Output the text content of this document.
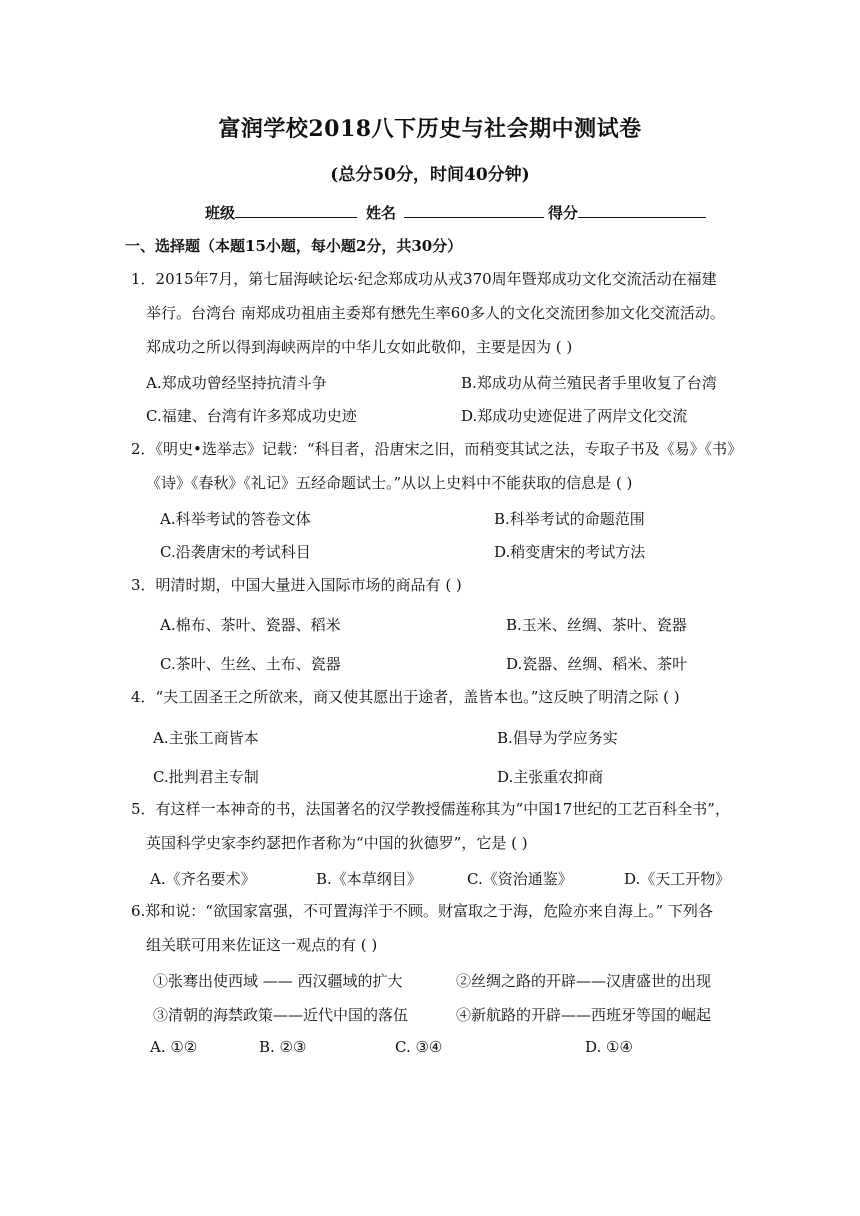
富润学校2018八下历史与社会期中测试卷
(总分50分，时间40分钟)
班级	姓名	得分
一、选择题（本题15小题，每小题2分，共30分）
1．2015年7月，第七届海峡论坛·纪念郑成功从戎370周年暨郑成功文化交流活动在福建
举行。台湾台 南郑成功祖庙主委郑有懋先生率60多人的文化交流团参加文化交流活动。
郑成功之所以得到海峡两岸的中华儿女如此敬仰，主要是因为 ( )
A.郑成功曾经坚持抗清斗争	B.郑成功从荷兰殖民者手里收复了台湾
C.福建、台湾有许多郑成功史迹	D.郑成功史迹促进了两岸文化交流
2．《明史•选举志》记载：“科目者，沿唐宋之旧，而稍变其试之法，专取子书及《易》《书》
《诗》《春秋》《礼记》五经命题试士。”从以上史料中不能获取的信息是 ( )
A.科举考试的答卷文体	B.科举考试的命题范围
C.沿袭唐宋的考试科目	D.稍变唐宋的考试方法
3．明清时期，中国大量进入国际市场的商品有 ( )
A.棉布、茶叶、瓷器、稻米	B.玉米、丝绸、茶叶、瓷器
C.茶叶、生丝、土布、瓷器	D.瓷器、丝绸、稻米、茶叶
4．“夫工固圣王之所欲来，商又使其愿出于途者，盖皆本也。”这反映了明清之际 ( )
A.主张工商皆本	B.倡导为学应务实
C.批判君主专制	D.主张重农抑商
5．有这样一本神奇的书，法国著名的汉学教授儒莲称其为“中国17世纪的工艺百科全书”，
英国科学史家李约瑟把作者称为“中国的狄德罗”，它是 ( )
A.《齐名要术》	B.《本草纲目》	C.《资治通鉴》	D.《天工开物》
6.郑和说：“欲国家富强，不可置海洋于不顾。财富取之于海，危险亦来自海上。” 下列各
组关联可用来佐证这一观点的有 ( )
①张骞出使西域 —— 西汉疆域的扩大	②丝绸之路的开辟——汉唐盛世的出现
③清朝的海禁政策——近代中国的落伍	④新航路的开辟——西班牙等国的崛起
A. ①②	B. ②③	C. ③④	D. ①④
